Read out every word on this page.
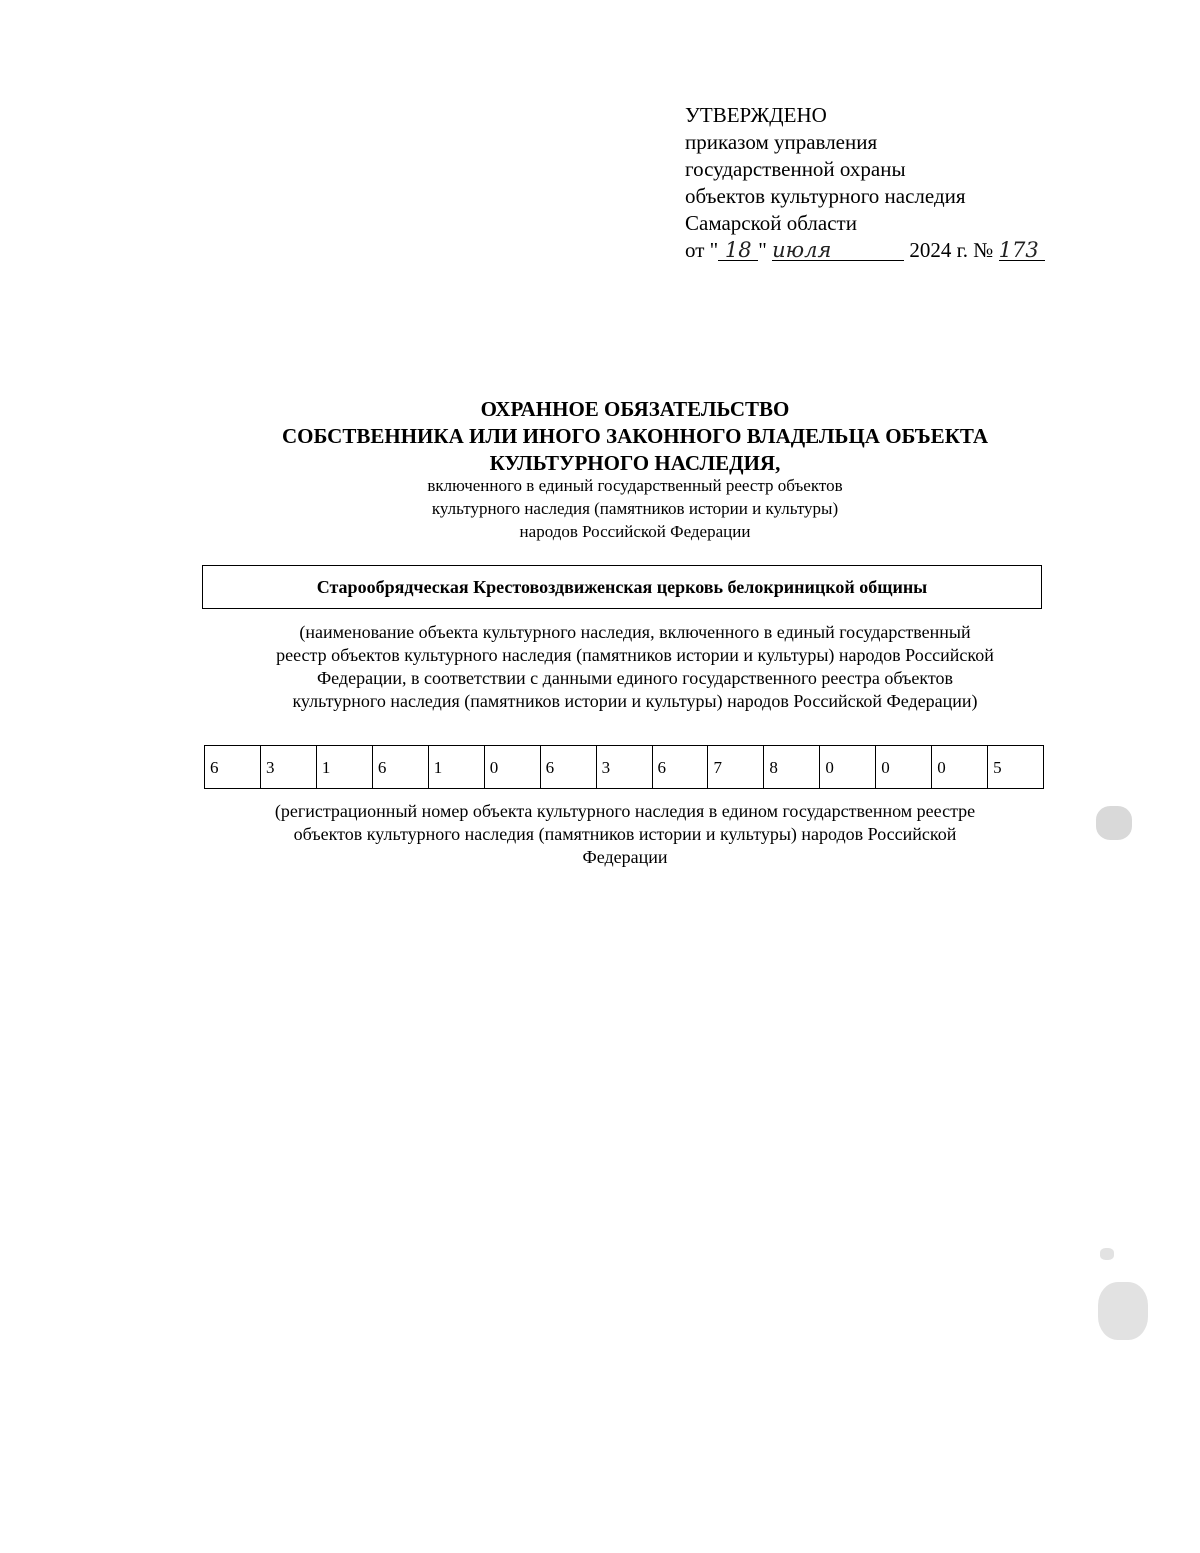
УТВЕРЖДЕНО
приказом управления
государственной охраны
объектов культурного наследия
Самарской области
от " 18 " июля	2024 г. № 173
ОХРАННОЕ ОБЯЗАТЕЛЬСТВО
СОБСТВЕННИКА ИЛИ ИНОГО ЗАКОННОГО ВЛАДЕЛЬЦА ОБЪЕКТА
КУЛЬТУРНОГО НАСЛЕДИЯ,
включенного в единый государственный реестр объектов
культурного наследия (памятников истории и культуры)
народов Российской Федерации
Старообрядческая Крестовоздвиженская церковь белокриницкой общины
(наименование объекта культурного наследия, включенного в единый государственный
реестр объектов культурного наследия (памятников истории и культуры) народов Российской
Федерации, в соответствии с данными единого государственного реестра объектов
культурного наследия (памятников истории и культуры) народов Российской Федерации)
6	3	1	6	1	0	6	3	6	7	8	0	0	0	5
(регистрационный номер объекта культурного наследия в едином государственном реестре
объектов культурного наследия (памятников истории и культуры) народов Российской
Федерации
